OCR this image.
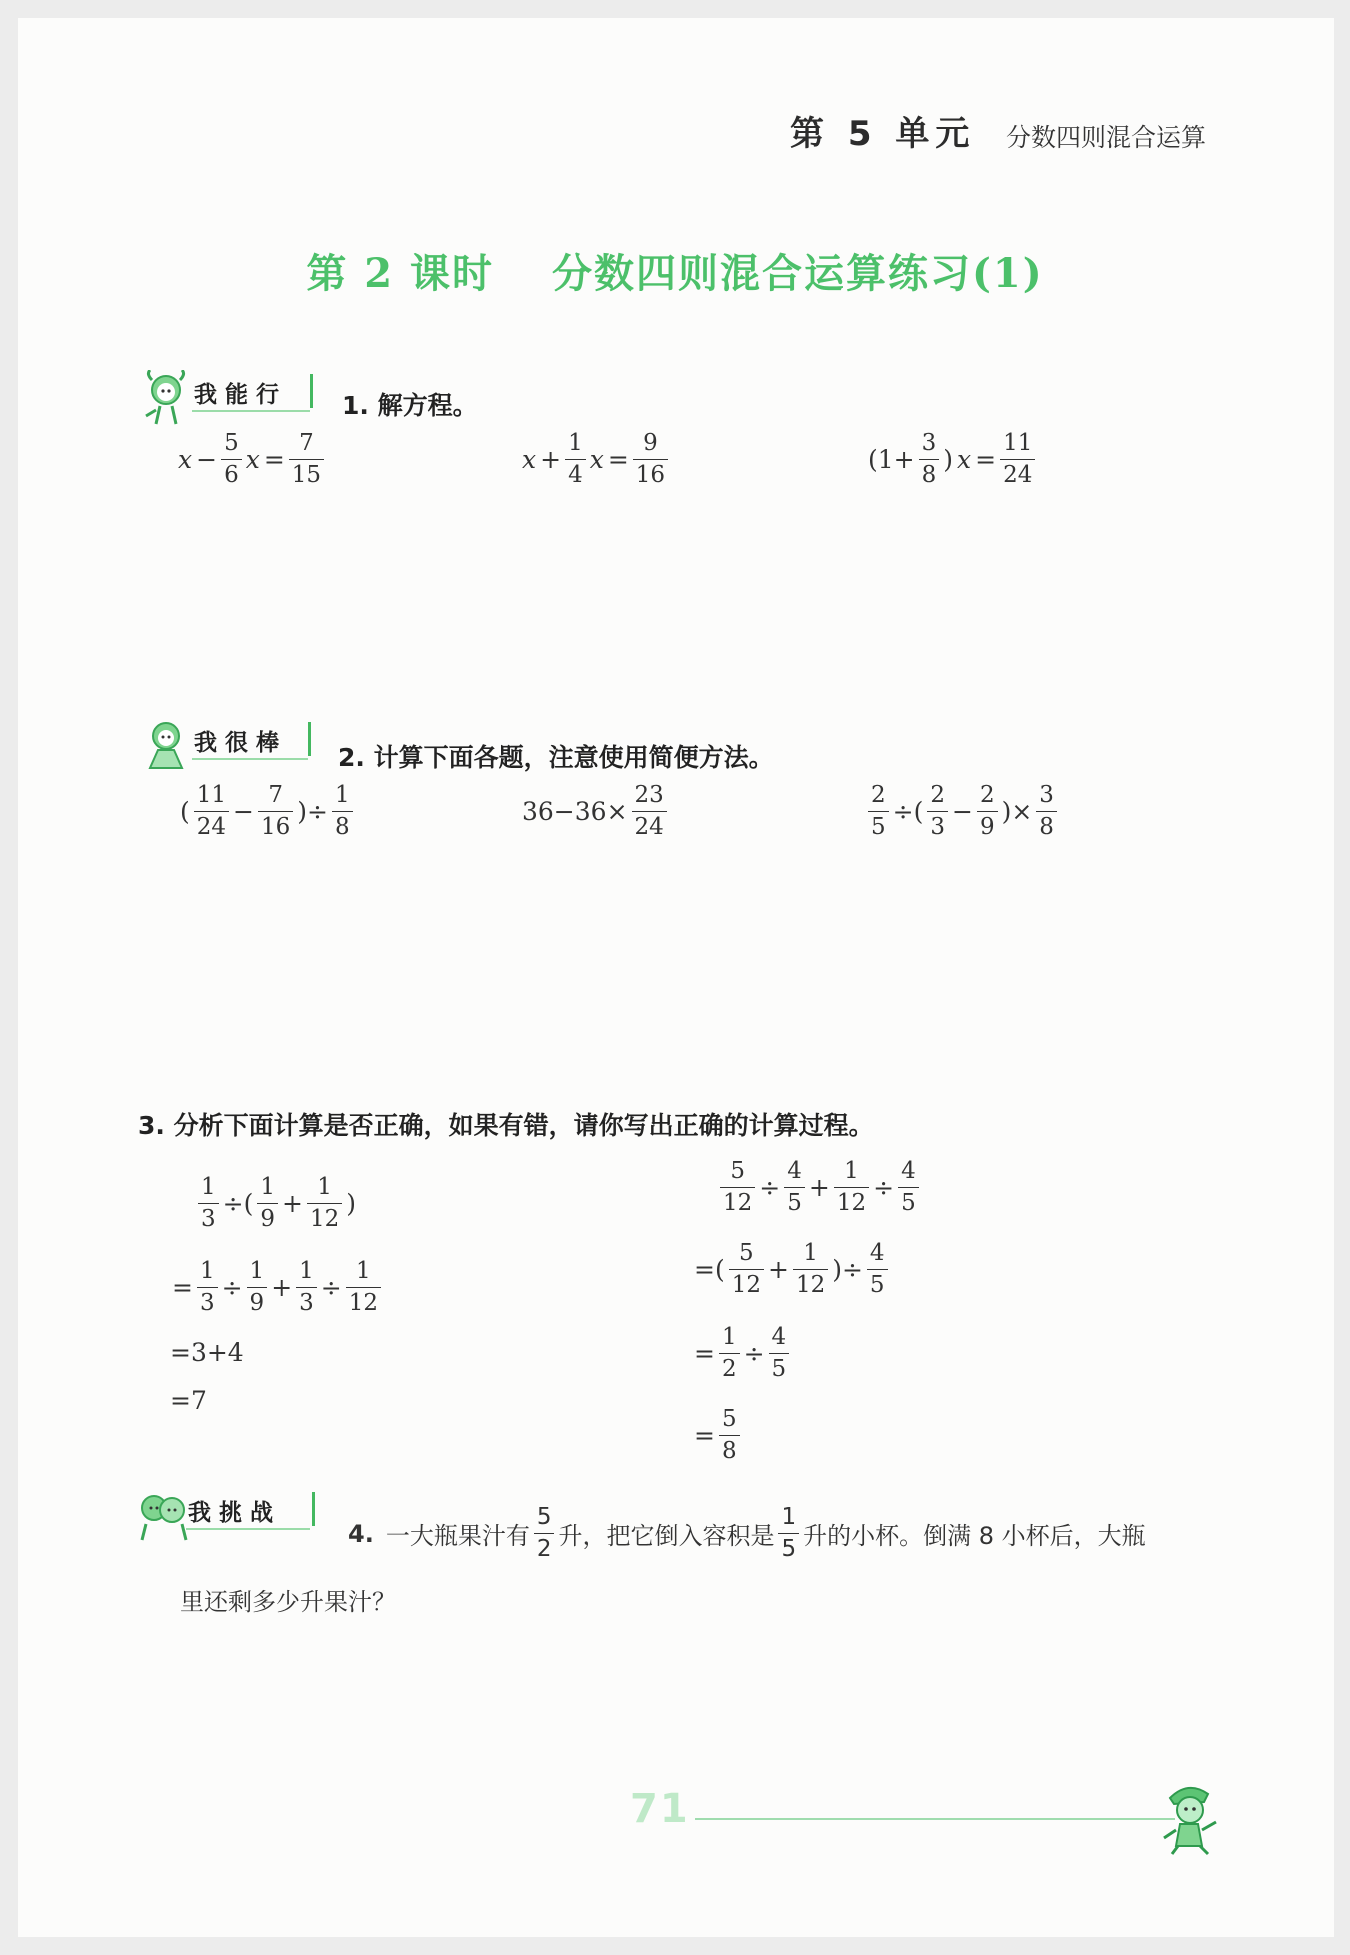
第 5 单元 分数四则混合运算
第 2 课时　 分数四则混合运算练习(1)
我能行 1. 解方程。
$x - \frac{5}{6}$ $x = \frac{7}{15}$	$x + \frac{1}{4}$ $x = \frac{9}{16}$	($1+ \frac{3}{8}$ ) $x = \frac{11}{24}$
我很棒 2. 计算下面各题，注意使用简便方法。
( $\frac{11}{24} - \frac{7}{16}$ )÷ $\frac{1}{8}$	$36-36\times \frac{23}{24}$	$\frac{2}{5}$ ÷( $\frac{2}{3} - \frac{2}{9}$ )× $\frac{3}{8}$
3. 分析下面计算是否正确，如果有错，请你写出正确的计算过程。
$\frac{1}{3}$ ÷( $\frac{1}{9} + \frac{1}{12}$ )
= $\frac{1}{3} \div \frac{1}{9} + \frac{1}{3} \div \frac{1}{12}$
=3+4
=7
$\frac{5}{12} \div \frac{4}{5} + \frac{1}{12} \div \frac{4}{5}$
=( $\frac{5}{12} + \frac{1}{12}$ )÷ $\frac{4}{5}$
= $\frac{1}{2} \div \frac{4}{5}$
= $\frac{5}{8}$
我挑战
4. 一大瓶果汁有 $\frac{5}{2}$ 升，把它倒入容积是 $\frac{1}{5}$ 升的小杯。倒满 8 小杯后，大瓶
里还剩多少升果汁？
71
